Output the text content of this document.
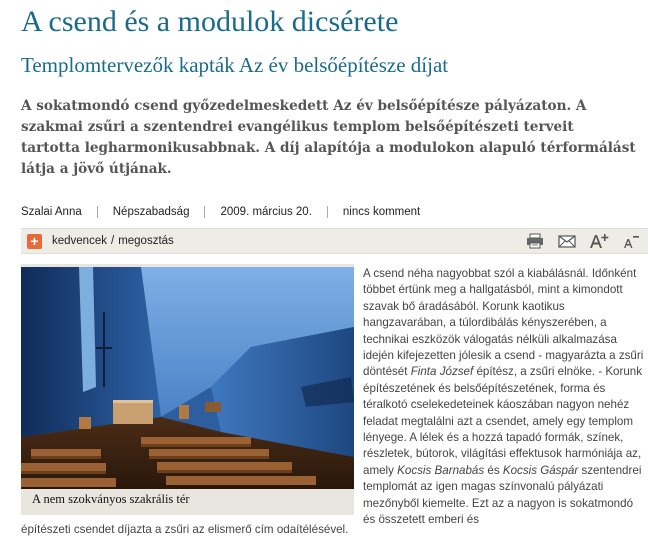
A csend és a modulok dicsérete
Templomtervezők kapták Az év belsőépítésze díjat

A sokatmondó csend győzedelmeskedett Az év belsőépítésze pályázaton. A szakmai zsűri a szentendrei evangélikus templom belsőépítészeti terveit tartotta legharmonikusabbnak. A díj alapítója a modulokon alapuló térformálást látja a jövő útjának.

Szalai Anna	Népszabadság	2009. március 20.	nincs komment
+ kedvencek / megosztás
A nem szokványos szakrális tér
A csend néha nagyobbat szól a kiabálásnál. Időnként többet értünk meg a hallgatásból, mint a kimondott szavak bő áradásából. Korunk kaotikus hangzavarában, a túlordibálás kényszerében, a technikai eszközök válogatás nélküli alkalmazása idején kifejezetten jólesik a csend - magyarázta a zsűri döntését Finta József építész, a zsűri elnöke. - Korunk építészetének és belsőépítészetének, forma és téralkotó cselekedeteinek káoszában nagyon nehéz feladat megtalálni azt a csendet, amely egy templom lényege. A lélek és a hozzá tapadó formák, színek, részletek, bútorok, világítási effektusok harmóniája az, amely Kocsis Barnabás és Kocsis Gáspár szentendrei templomát az igen magas színvonalú pályázati mezőnyből kiemelte. Ezt az a nagyon is sokatmondó és összetett emberi és
építészeti csendet díjazta a zsűri az elismerő cím odaítélésével.
